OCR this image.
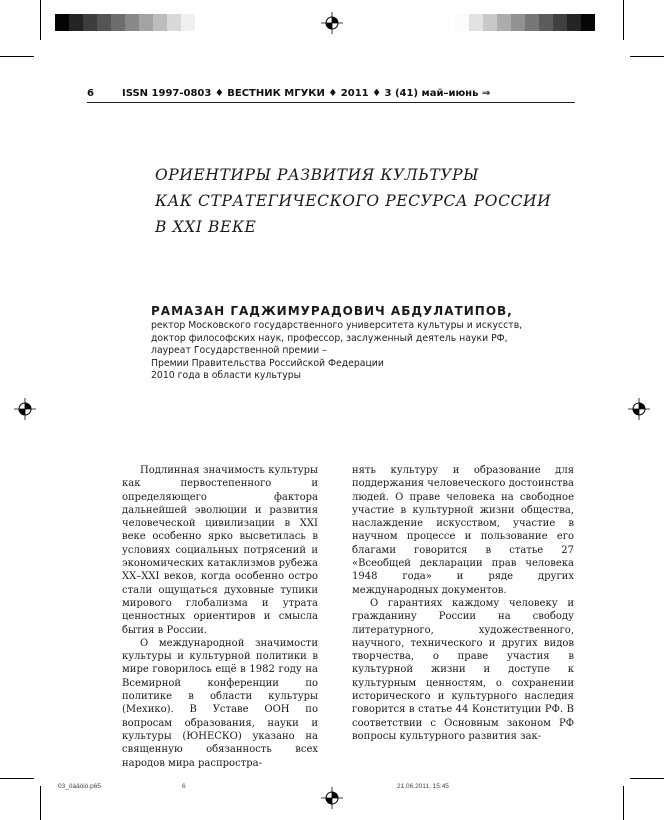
6	ISSN 1997-0803 ♦ ВЕСТНИК МГУКИ ♦ 2011 ♦ 3 (41) май–июнь ⇒
ОРИЕНТИРЫ РАЗВИТИЯ КУЛЬТУРЫ
КАК СТРАТЕГИЧЕСКОГО РЕСУРСА РОССИИ
В XXI ВЕКЕ
РАМАЗАН ГАДЖИМУРАДОВИЧ АБДУЛАТИПОВ,
ректор Московского государственного университета культуры и искусств,
доктор философских наук, профессор, заслуженный деятель науки РФ,
лауреат Государственной премии –
Премии Правительства Российской Федерации
2010 года в области культуры

Подлинная значимость культуры как первостепенного и определяющего фактора дальнейшей эволюции и развития человеческой цивилизации в XXI веке особенно ярко высветилась в условиях социальных потрясений и экономических катаклизмов рубежа XX–XXI веков, когда особенно остро стали ощущаться духовные тупики мирового глобализма и утрата ценностных ориентиров и смысла бытия в России.

О международной значимости культуры и культурной политики в мире говорилось ещё в 1982 году на Всемирной конференции по политике в области культуры (Мехико). В Уставе ООН по вопросам образования, науки и культуры (ЮНЕСКО) указано на священную обязанность всех народов мира распростра-

нять культуру и образование для поддержания человеческого достоинства людей. О праве человека на свободное участие в культурной жизни общества, наслаждение искусством, участие в научном процессе и пользование его благами говорится в статье 27 «Всеобщей декларации прав человека 1948 года» и ряде других международных документов.

О гарантиях каждому человеку и гражданину России на свободу литературного, художественного, научного, технического и других видов творчества, о праве участия в культурной жизни и доступе к культурным ценностям, о сохранении исторического и культурного наследия говорится в статье 44 Конституции РФ. В соответствии с Основным законом РФ вопросы культурного развития зак-

03_ôáäóió.p65	6	21.06.2011, 15:45
